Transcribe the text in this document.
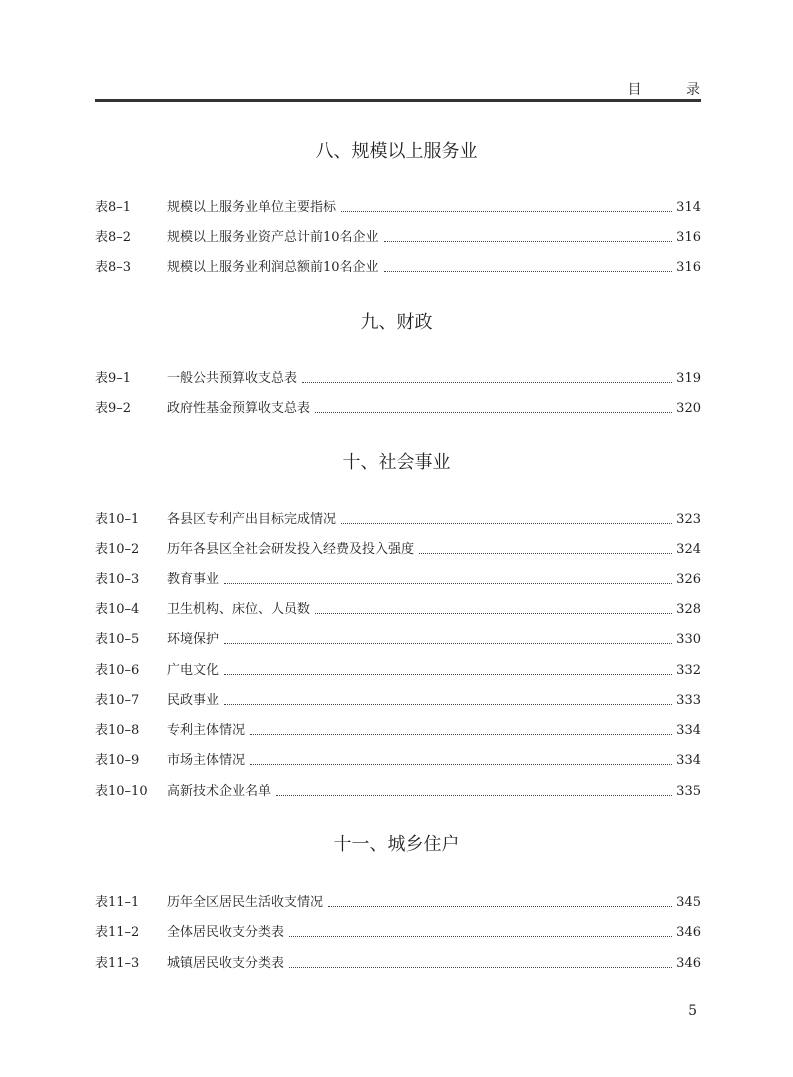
目 录
八、规模以上服务业
表8–1	规模以上服务业单位主要指标	314
表8–2	规模以上服务业资产总计前10名企业	316
表8–3	规模以上服务业利润总额前10名企业	316
九、财政
表9–1	一般公共预算收支总表	319
表9–2	政府性基金预算收支总表	320
十、社会事业
表10–1	各县区专利产出目标完成情况	323
表10–2	历年各县区全社会研发投入经费及投入强度	324
表10–3	教育事业	326
表10–4	卫生机构、床位、人员数	328
表10–5	环境保护	330
表10–6	广电文化	332
表10–7	民政事业	333
表10–8	专利主体情况	334
表10–9	市场主体情况	334
表10–10	高新技术企业名单	335
十一、城乡住户
表11–1	历年全区居民生活收支情况	345
表11–2	全体居民收支分类表	346
表11–3	城镇居民收支分类表	346
5
